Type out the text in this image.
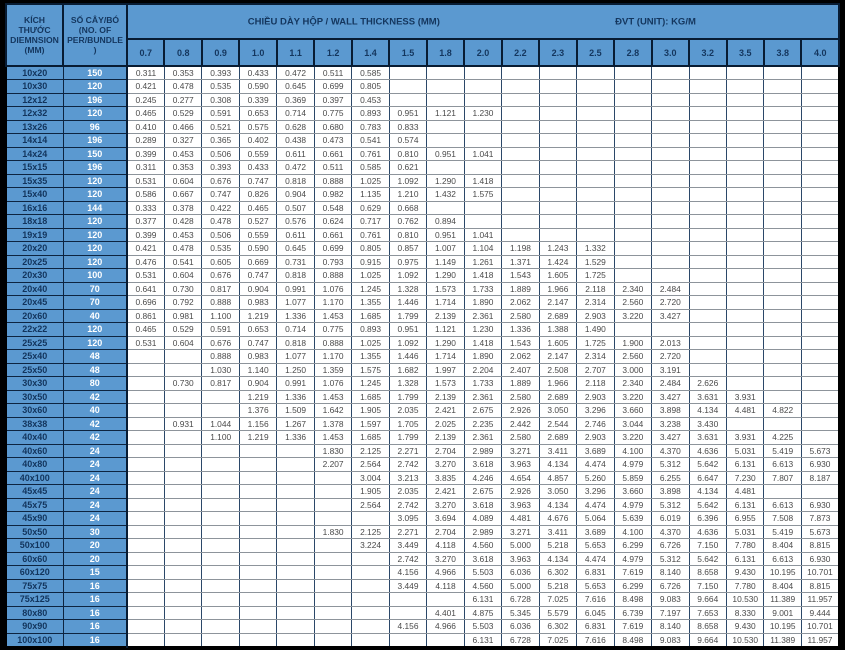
KÍCH
THƯỚC
DIEMNSION
(MM)

SỐ CÂY/BÓ
(NO. OF
PER/BUNDLE
)

CHIỀU DÀY HỘP / WALL THICKNESS (MM)	ĐVT (UNIT): KG/M

		0.7	0.8	0.9	1.0	1.1	1.2	1.4	1.5	1.8	2.0	2.2	2.3	2.5	2.8	3.0	3.2	3.5	3.8	4.0
10x20	150	0.311	0.353	0.393	0.433	0.472	0.511	0.585												
10x30	120	0.421	0.478	0.535	0.590	0.645	0.699	0.805												
12x12	196	0.245	0.277	0.308	0.339	0.369	0.397	0.453												
12x32	120	0.465	0.529	0.591	0.653	0.714	0.775	0.893	0.951	1.121	1.230									
13x26	96	0.410	0.466	0.521	0.575	0.628	0.680	0.783	0.833											
14x14	196	0.289	0.327	0.365	0.402	0.438	0.473	0.541	0.574											
14x24	150	0.399	0.453	0.506	0.559	0.611	0.661	0.761	0.810	0.951	1.041									
15x15	196	0.311	0.353	0.393	0.433	0.472	0.511	0.585	0.621											
15x35	120	0.531	0.604	0.676	0.747	0.818	0.888	1.025	1.092	1.290	1.418									
15x40	120	0.586	0.667	0.747	0.826	0.904	0.982	1.135	1.210	1.432	1.575									
16x16	144	0.333	0.378	0.422	0.465	0.507	0.548	0.629	0.668											
18x18	120	0.377	0.428	0.478	0.527	0.576	0.624	0.717	0.762	0.894										
19x19	120	0.399	0.453	0.506	0.559	0.611	0.661	0.761	0.810	0.951	1.041									
20x20	120	0.421	0.478	0.535	0.590	0.645	0.699	0.805	0.857	1.007	1.104	1.198	1.243	1.332						
20x25	120	0.476	0.541	0.605	0.669	0.731	0.793	0.915	0.975	1.149	1.261	1.371	1.424	1.529						
20x30	100	0.531	0.604	0.676	0.747	0.818	0.888	1.025	1.092	1.290	1.418	1.543	1.605	1.725						
20x40	70	0.641	0.730	0.817	0.904	0.991	1.076	1.245	1.328	1.573	1.733	1.889	1.966	2.118	2.340	2.484				
20x45	70	0.696	0.792	0.888	0.983	1.077	1.170	1.355	1.446	1.714	1.890	2.062	2.147	2.314	2.560	2.720				
20x60	40	0.861	0.981	1.100	1.219	1.336	1.453	1.685	1.799	2.139	2.361	2.580	2.689	2.903	3.220	3.427				
22x22	120	0.465	0.529	0.591	0.653	0.714	0.775	0.893	0.951	1.121	1.230	1.336	1.388	1.490						
25x25	120	0.531	0.604	0.676	0.747	0.818	0.888	1.025	1.092	1.290	1.418	1.543	1.605	1.725	1.900	2.013				
25x40	48			0.888	0.983	1.077	1.170	1.355	1.446	1.714	1.890	2.062	2.147	2.314	2.560	2.720				
25x50	48			1.030	1.140	1.250	1.359	1.575	1.682	1.997	2.204	2.407	2.508	2.707	3.000	3.191				
30x30	80		0.730	0.817	0.904	0.991	1.076	1.245	1.328	1.573	1.733	1.889	1.966	2.118	2.340	2.484	2.626			
30x50	42				1.219	1.336	1.453	1.685	1.799	2.139	2.361	2.580	2.689	2.903	3.220	3.427	3.631	3.931		
30x60	40				1.376	1.509	1.642	1.905	2.035	2.421	2.675	2.926	3.050	3.296	3.660	3.898	4.134	4.481	4.822	
38x38	42		0.931	1.044	1.156	1.267	1.378	1.597	1.705	2.025	2.235	2.442	2.544	2.746	3.044	3.238	3.430			
40x40	42			1.100	1.219	1.336	1.453	1.685	1.799	2.139	2.361	2.580	2.689	2.903	3.220	3.427	3.631	3.931	4.225	
40x60	24						1.830	2.125	2.271	2.704	2.989	3.271	3.411	3.689	4.100	4.370	4.636	5.031	5.419	5.673
40x80	24						2.207	2.564	2.742	3.270	3.618	3.963	4.134	4.474	4.979	5.312	5.642	6.131	6.613	6.930
40x100	24							3.004	3.213	3.835	4.246	4.654	4.857	5.260	5.859	6.255	6.647	7.230	7.807	8.187
45x45	24							1.905	2.035	2.421	2.675	2.926	3.050	3.296	3.660	3.898	4.134	4.481		
45x75	24							2.564	2.742	3.270	3.618	3.963	4.134	4.474	4.979	5.312	5.642	6.131	6.613	6.930
45x90	24								3.095	3.694	4.089	4.481	4.676	5.064	5.639	6.019	6.396	6.955	7.508	7.873
50x50	30						1.830	2.125	2.271	2.704	2.989	3.271	3.411	3.689	4.100	4.370	4.636	5.031	5.419	5.673
50x100	20							3.224	3.449	4.118	4.560	5.000	5.218	5.653	6.299	6.726	7.150	7.780	8.404	8.815
60x60	20								2.742	3.270	3.618	3.963	4.134	4.474	4.979	5.312	5.642	6.131	6.613	6.930
60x120	15								4.156	4.966	5.503	6.036	6.302	6.831	7.619	8.140	8.658	9.430	10.195	10.701
75x75	16								3.449	4.118	4.560	5.000	5.218	5.653	6.299	6.726	7.150	7.780	8.404	8.815
75x125	16										6.131	6.728	7.025	7.616	8.498	9.083	9.664	10.530	11.389	11.957
80x80	16									4.401	4.875	5.345	5.579	6.045	6.739	7.197	7.653	8.330	9.001	9.444
90x90	16								4.156	4.966	5.503	6.036	6.302	6.831	7.619	8.140	8.658	9.430	10.195	10.701
100x100	16										6.131	6.728	7.025	7.616	8.498	9.083	9.664	10.530	11.389	11.957
